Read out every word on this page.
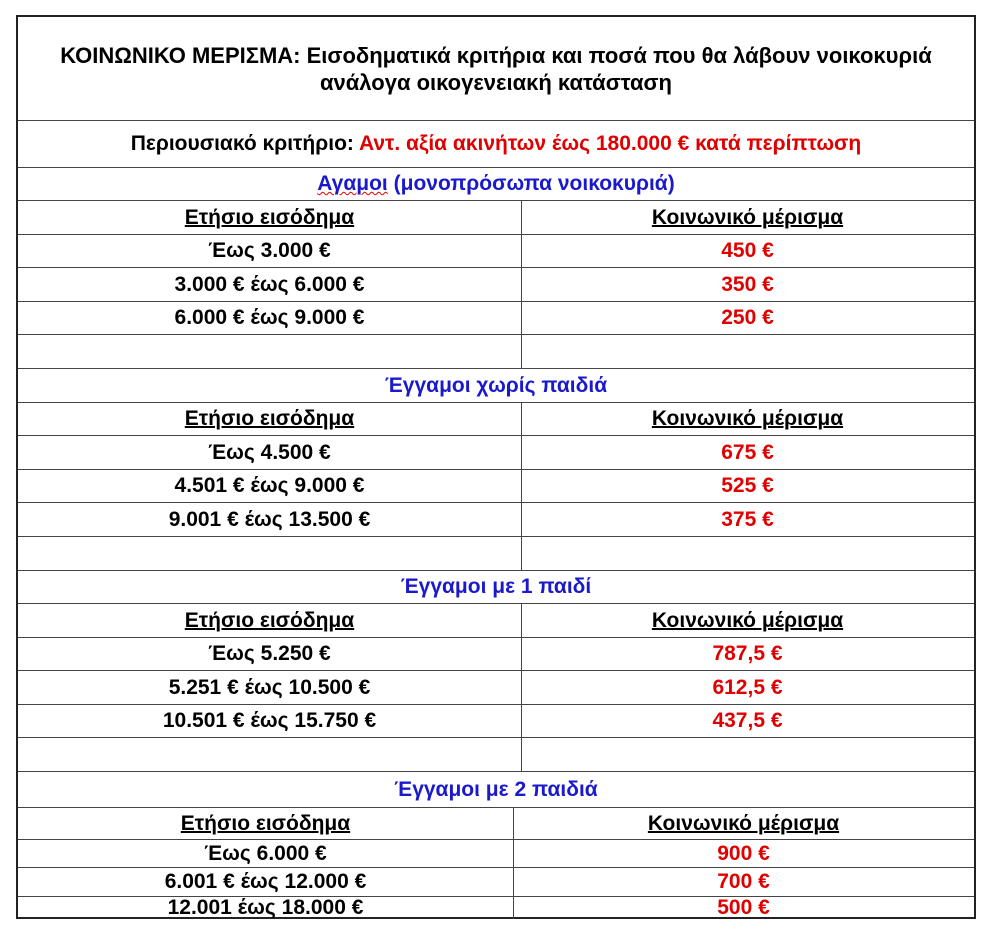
ΚΟΙΝΩΝΙΚΟ ΜΕΡΙΣΜΑ: Εισοδηματικά κριτήρια και ποσά που θα λάβουν νοικοκυριά ανάλογα οικογενειακή κατάσταση
Περιουσιακό κριτήριο: Αντ. αξία ακινήτων έως 180.000 € κατά περίπτωση
Αγαμοι (μονοπρόσωπα νοικοκυριά)
Ετήσιο εισόδημα	Κοινωνικό μέρισμα
Έως 3.000 €	450 €
3.000 € έως 6.000 €	350 €
6.000 € έως 9.000 €	250 €
Έγγαμοι χωρίς παιδιά
Ετήσιο εισόδημα	Κοινωνικό μέρισμα
Έως 4.500 €	675 €
4.501 € έως 9.000 €	525 €
9.001 € έως 13.500 €	375 €
Έγγαμοι με 1 παιδί
Ετήσιο εισόδημα	Κοινωνικό μέρισμα
Έως 5.250 €	787,5 €
5.251 € έως 10.500 €	612,5 €
10.501 € έως 15.750 €	437,5 €
Έγγαμοι με 2 παιδιά
Ετήσιο εισόδημα	Κοινωνικό μέρισμα
Έως 6.000 €	900 €
6.001 € έως 12.000 €	700 €
12.001 έως 18.000 €	500 €
